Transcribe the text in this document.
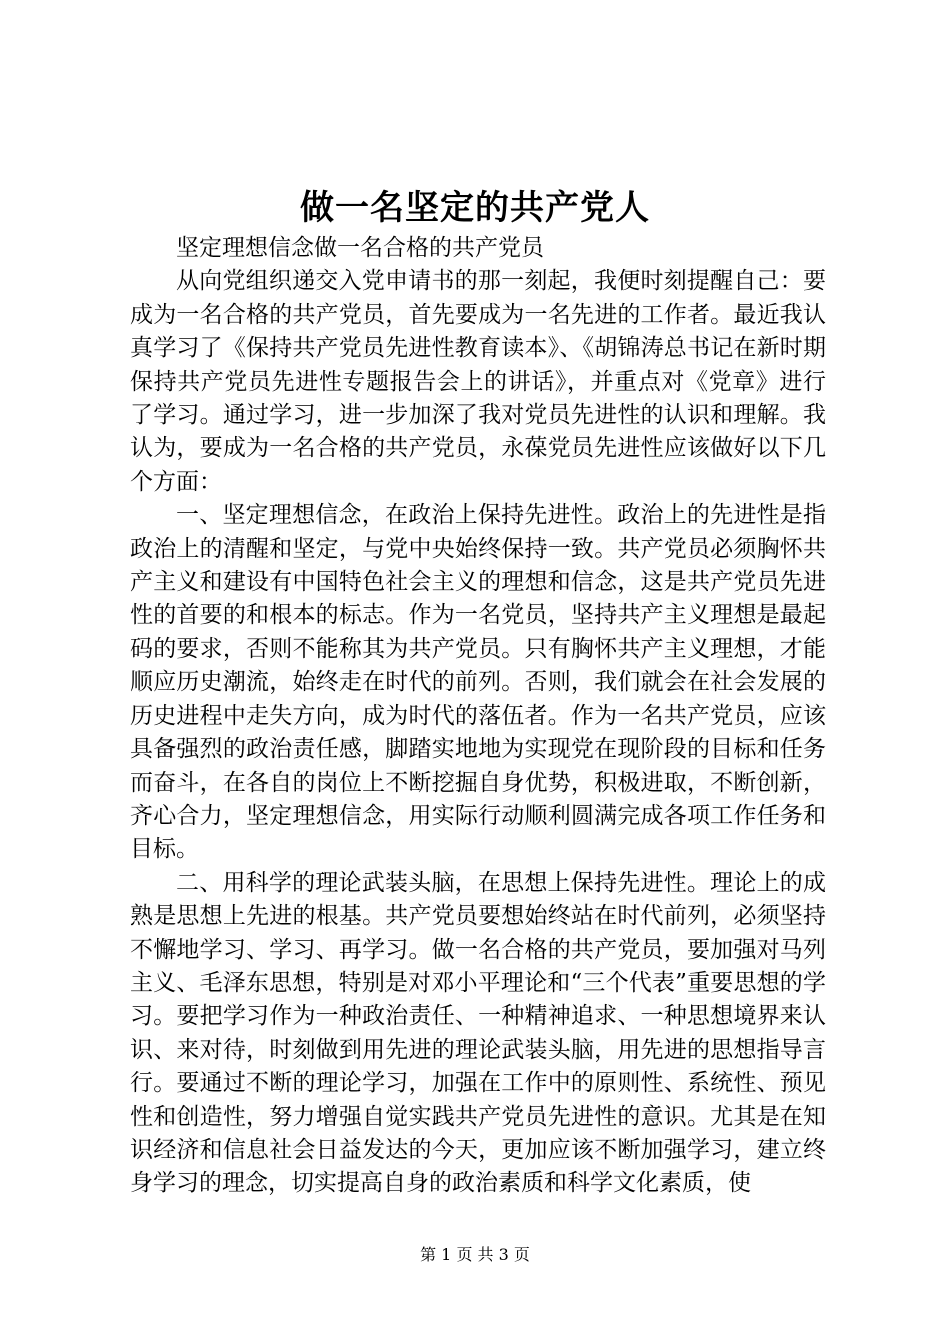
做一名坚定的共产党人

坚定理想信念做一名合格的共产党员

从向党组织递交入党申请书的那一刻起，我便时刻提醒自己：要成为一名合格的共产党员，首先要成为一名先进的工作者。最近我认真学习了《保持共产党员先进性教育读本》、《胡锦涛总书记在新时期保持共产党员先进性专题报告会上的讲话》，并重点对《党章》进行了学习。通过学习，进一步加深了我对党员先进性的认识和理解。我认为，要成为一名合格的共产党员，永葆党员先进性应该做好以下几个方面：

一、坚定理想信念，在政治上保持先进性。政治上的先进性是指政治上的清醒和坚定，与党中央始终保持一致。共产党员必须胸怀共产主义和建设有中国特色社会主义的理想和信念，这是共产党员先进性的首要的和根本的标志。作为一名党员，坚持共产主义理想是最起码的要求，否则不能称其为共产党员。只有胸怀共产主义理想，才能顺应历史潮流，始终走在时代的前列。否则，我们就会在社会发展的历史进程中走失方向，成为时代的落伍者。作为一名共产党员，应该具备强烈的政治责任感，脚踏实地地为实现党在现阶段的目标和任务而奋斗，在各自的岗位上不断挖掘自身优势，积极进取，不断创新，齐心合力，坚定理想信念，用实际行动顺利圆满完成各项工作任务和目标。

二、用科学的理论武装头脑，在思想上保持先进性。理论上的成熟是思想上先进的根基。共产党员要想始终站在时代前列，必须坚持不懈地学习、学习、再学习。做一名合格的共产党员，要加强对马列主义、毛泽东思想，特别是对邓小平理论和“三个代表”重要思想的学习。要把学习作为一种政治责任、一种精神追求、一种思想境界来认识、来对待，时刻做到用先进的理论武装头脑，用先进的思想指导言行。要通过不断的理论学习，加强在工作中的原则性、系统性、预见性和创造性，努力增强自觉实践共产党员先进性的意识。尤其是在知识经济和信息社会日益发达的今天，更加应该不断加强学习，建立终身学习的理念，切实提高自身的政治素质和科学文化素质，使

第 1 页 共 3 页
